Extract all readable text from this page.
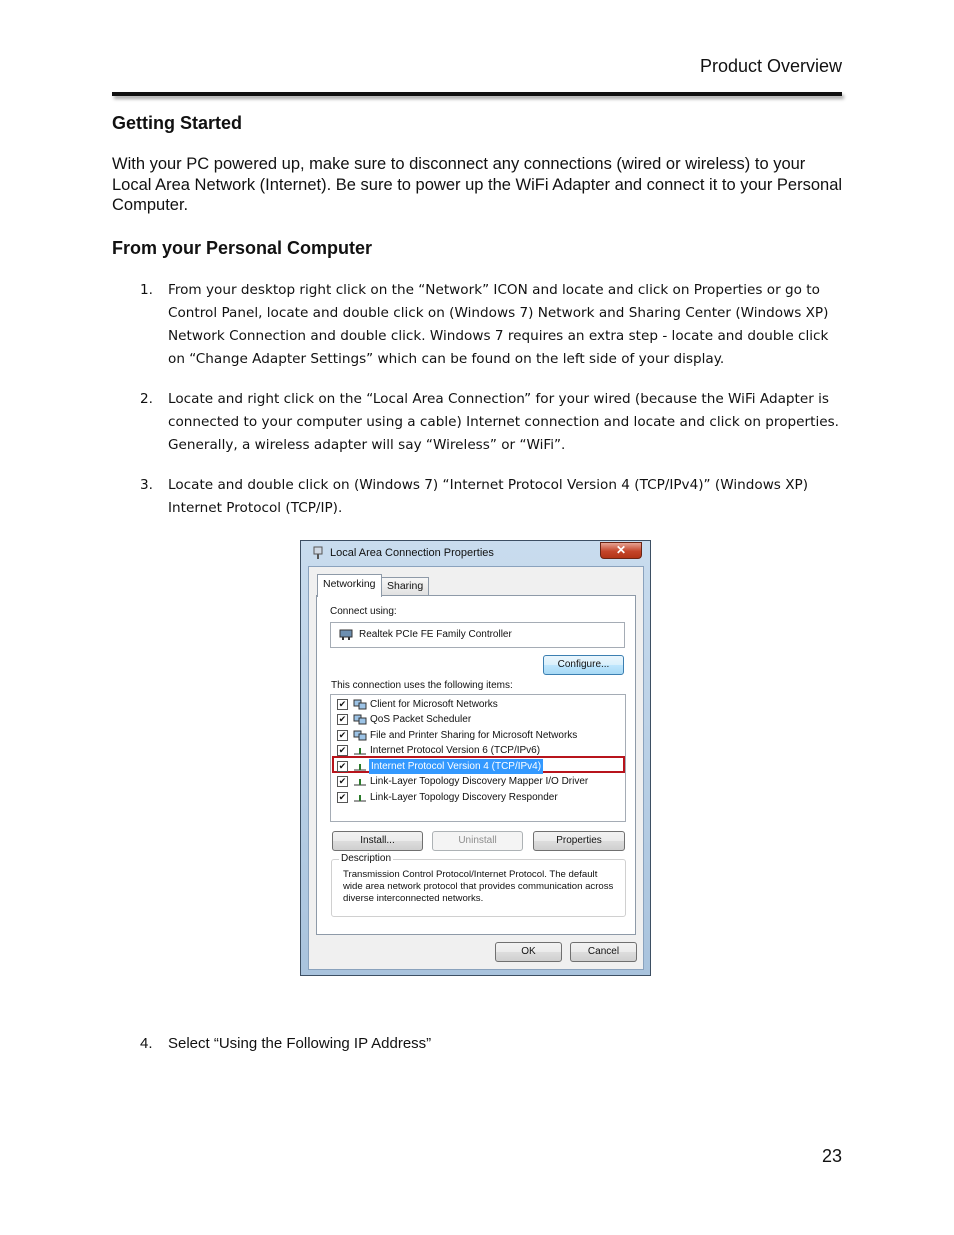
Product Overview
Getting Started
With your PC powered up, make sure to disconnect any connections (wired or wireless) to your Local Area Network (Internet). Be sure to power up the WiFi Adapter and connect it to your Personal Computer.
From your Personal Computer
1. From your desktop right click on the “Network” ICON and locate and click on Properties or go to Control Panel, locate and double click on (Windows 7) Network and Sharing Center (Windows XP) Network Connection and double click. Windows 7 requires an extra step - locate and double click on “Change Adapter Settings” which can be found on the left side of your display.
2. Locate and right click on the “Local Area Connection” for your wired (because the WiFi Adapter is connected to your computer using a cable) Internet connection and locate and click on properties. Generally, a wireless adapter will say “Wireless” or “WiFi”.
3. Locate and double click on (Windows 7) “Internet Protocol Version 4 (TCP/IPv4)” (Windows XP) Internet Protocol (TCP/IP).
Local Area Connection Properties	✕
Networking	Sharing
Connect using:
Realtek PCIe FE Family Controller
Configure...
This connection uses the following items:
✔ Client for Microsoft Networks
✔ QoS Packet Scheduler
✔ File and Printer Sharing for Microsoft Networks
✔ Internet Protocol Version 6 (TCP/IPv6)
✔ Internet Protocol Version 4 (TCP/IPv4)
✔ Link-Layer Topology Discovery Mapper I/O Driver
✔ Link-Layer Topology Discovery Responder
Install...	Uninstall	Properties
Description
Transmission Control Protocol/Internet Protocol. The default wide area network protocol that provides communication across diverse interconnected networks.
OK	Cancel
4. Select “Using the Following IP Address”
23
